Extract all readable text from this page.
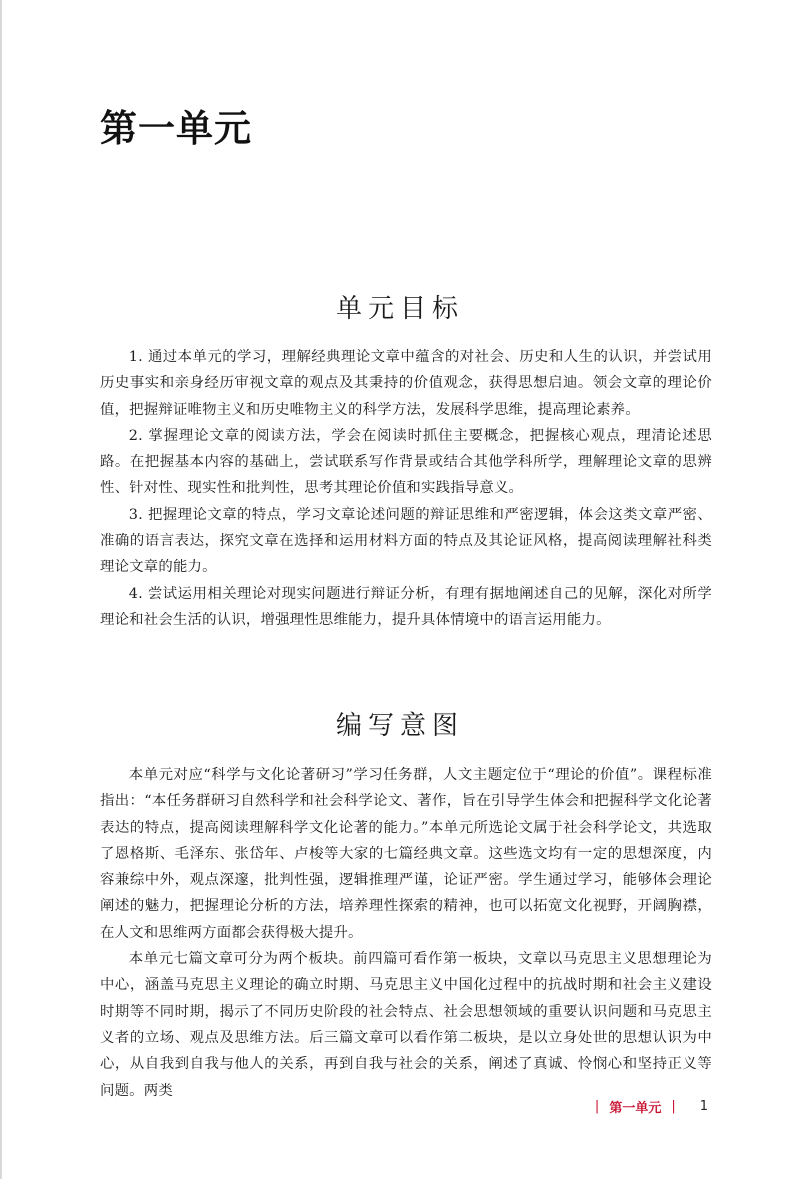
第一单元
单元目标

1. 通过本单元的学习，理解经典理论文章中蕴含的对社会、历史和人生的认识，并尝试用历史事实和亲身经历审视文章的观点及其秉持的价值观念，获得思想启迪。领会文章的理论价值，把握辩证唯物主义和历史唯物主义的科学方法，发展科学思维，提高理论素养。

2. 掌握理论文章的阅读方法，学会在阅读时抓住主要概念，把握核心观点，理清论述思路。在把握基本内容的基础上，尝试联系写作背景或结合其他学科所学，理解理论文章的思辨性、针对性、现实性和批判性，思考其理论价值和实践指导意义。

3. 把握理论文章的特点，学习文章论述问题的辩证思维和严密逻辑，体会这类文章严密、准确的语言表达，探究文章在选择和运用材料方面的特点及其论证风格，提高阅读理解社科类理论文章的能力。

4. 尝试运用相关理论对现实问题进行辩证分析，有理有据地阐述自己的见解，深化对所学理论和社会生活的认识，增强理性思维能力，提升具体情境中的语言运用能力。

编写意图

本单元对应“科学与文化论著研习”学习任务群，人文主题定位于“理论的价值”。课程标准指出：“本任务群研习自然科学和社会科学论文、著作，旨在引导学生体会和把握科学文化论著表达的特点，提高阅读理解科学文化论著的能力。”本单元所选论文属于社会科学论文，共选取了恩格斯、毛泽东、张岱年、卢梭等大家的七篇经典文章。这些选文均有一定的思想深度，内容兼综中外，观点深邃，批判性强，逻辑推理严谨，论证严密。学生通过学习，能够体会理论阐述的魅力，把握理论分析的方法，培养理性探索的精神，也可以拓宽文化视野，开阔胸襟，在人文和思维两方面都会获得极大提升。

本单元七篇文章可分为两个板块。前四篇可看作第一板块，文章以马克思主义思想理论为中心，涵盖马克思主义理论的确立时期、马克思主义中国化过程中的抗战时期和社会主义建设时期等不同时期，揭示了不同历史阶段的社会特点、社会思想领域的重要认识问题和马克思主义者的立场、观点及思维方法。后三篇文章可以看作第二板块，是以立身处世的思想认识为中心，从自我到自我与他人的关系，再到自我与社会的关系，阐述了真诚、怜悯心和坚持正义等问题。两类

| 第一单元 | 1
